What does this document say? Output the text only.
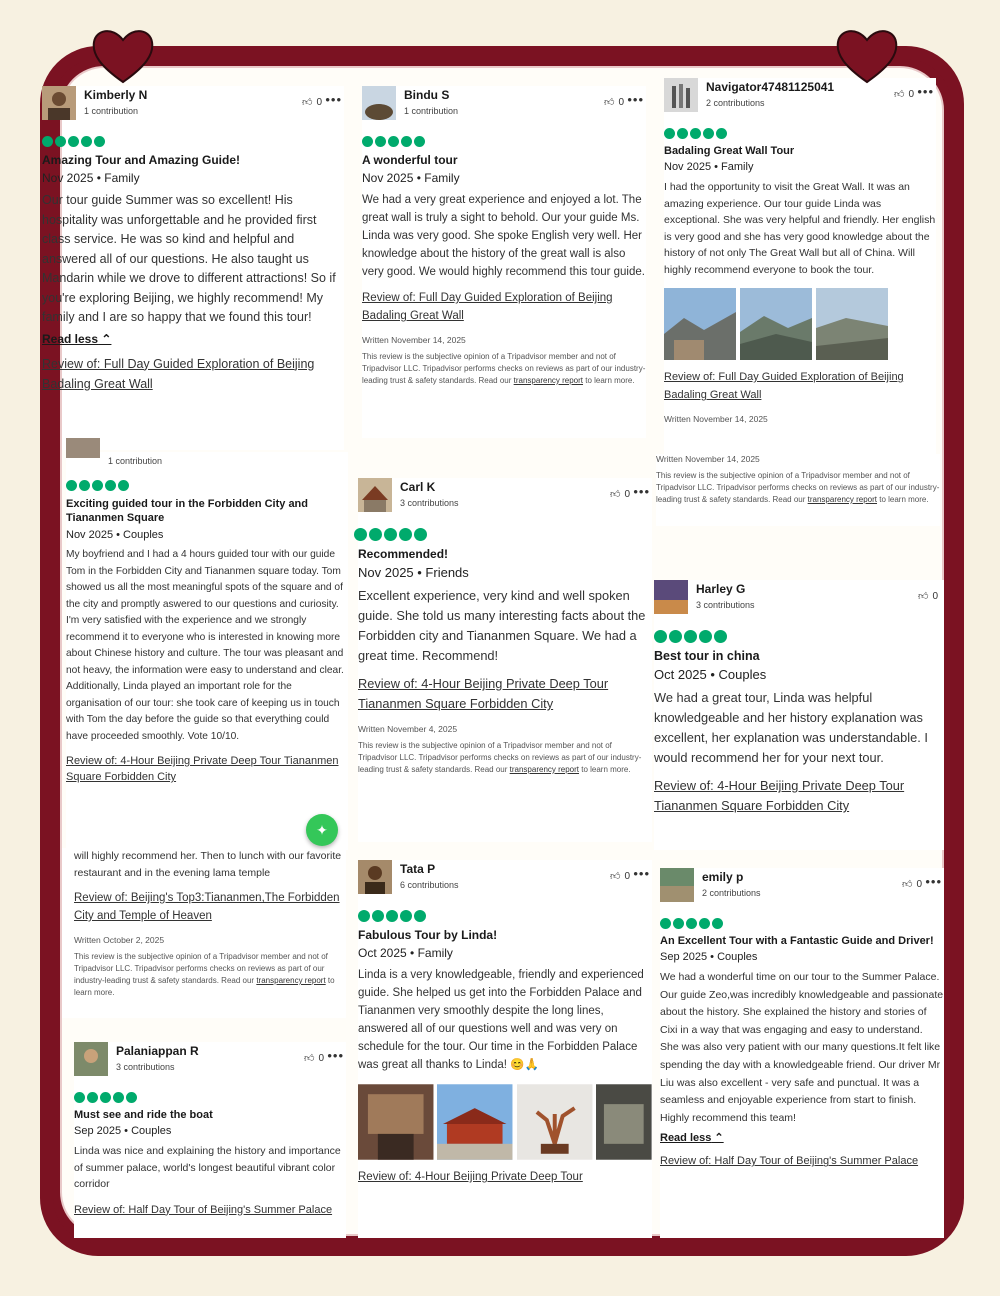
Kimberly N
1 contribution
👍︎ 0 •••
Amazing Tour and Amazing Guide!
Nov 2025 • Family
Our tour guide Summer was so excellent! His hospitality was unforgettable and he provided first class service. He was so kind and helpful and answered all of our questions. He also taught us Mandarin while we drove to different attractions! So if you're exploring Beijing, we highly recommend! My family and I are so happy that we found this tour!
Read less ⌃
Review of: Full Day Guided Exploration of Beijing Badaling Great Wall
Bindu S
1 contribution
👍︎ 0 •••
A wonderful tour
Nov 2025 • Family
We had a very great experience and enjoyed a lot. The great wall is truly a sight to behold. Our your guide Ms. Linda was very good. She spoke English very well. Her knowledge about the history of the great wall is also very good. We would highly recommend this tour guide.
Review of: Full Day Guided Exploration of Beijing Badaling Great Wall
Written November 14, 2025
This review is the subjective opinion of a Tripadvisor member and not of Tripadvisor LLC. Tripadvisor performs checks on reviews as part of our industry-leading trust & safety standards. Read our transparency report to learn more.
Navigator47481125041
2 contributions
👍︎ 0 •••
Badaling Great Wall Tour
Nov 2025 • Family
I had the opportunity to visit the Great Wall. It was an amazing experience. Our tour guide Linda was exceptional. She was very helpful and friendly. Her english is very good and she has very good knowledge about the history of not only The Great Wall but all of China. Will highly recommend everyone to book the tour.
Review of: Full Day Guided Exploration of Beijing Badaling Great Wall
Written November 14, 2025
1 contribution
Exciting guided tour in the Forbidden City and Tiananmen Square
Nov 2025 • Couples
My boyfriend and I had a 4 hours guided tour with our guide Tom in the Forbidden City and Tiananmen square today. Tom showed us all the most meaningful spots of the square and of the city and promptly aswered to our questions and curiosity. I'm very satisfied with the experience and we strongly recommend it to everyone who is interested in knowing more about Chinese history and culture. The tour was pleasant and not heavy, the information were easy to understand and clear. Additionally, Linda played an important role for the organisation of our tour: she took care of keeping us in touch with Tom the day before the guide so that everything could have proceeded smoothly. Vote 10/10.
Review of: 4-Hour Beijing Private Deep Tour Tiananmen Square Forbidden City
will highly recommend her. Then to lunch with our favorite restaurant and in the evening lama temple
Review of: Beijing's Top3:Tiananmen,The Forbidden City and Temple of Heaven
Written October 2, 2025
This review is the subjective opinion of a Tripadvisor member and not of Tripadvisor LLC. Tripadvisor performs checks on reviews as part of our industry-leading trust & safety standards. Read our transparency report to learn more.
Carl K
3 contributions
👍︎ 0 •••
Recommended!
Nov 2025 • Friends
Excellent experience, very kind and well spoken guide. She told us many interesting facts about the Forbidden city and Tiananmen Square. We had a great time. Recommend!
Review of: 4-Hour Beijing Private Deep Tour Tiananmen Square Forbidden City
Written November 4, 2025
This review is the subjective opinion of a Tripadvisor member and not of Tripadvisor LLC. Tripadvisor performs checks on reviews as part of our industry-leading trust & safety standards. Read our transparency report to learn more.
Written November 14, 2025
This review is the subjective opinion of a Tripadvisor member and not of Tripadvisor LLC. Tripadvisor performs checks on reviews as part of our industry-leading trust & safety standards. Read our transparency report to learn more.
Harley G
3 contributions
👍︎ 0
Best tour in china
Oct 2025 • Couples
We had a great tour, Linda was helpful knowledgeable and her history explanation was excellent, her explanation was understandable. I would recommend her for your next tour.
Review of: 4-Hour Beijing Private Deep Tour Tiananmen Square Forbidden City
Palaniappan R
3 contributions
👍︎ 0 •••
Must see and ride the boat
Sep 2025 • Couples
Linda was nice and explaining the history and importance of summer palace, world's longest beautiful vibrant color corridor
Review of: Half Day Tour of Beijing's Summer Palace
Tata P
6 contributions
👍︎ 0 •••
Fabulous Tour by Linda!
Oct 2025 • Family
Linda is a very knowledgeable, friendly and experienced guide. She helped us get into the Forbidden Palace and Tiananmen very smoothly despite the long lines, answered all of our questions well and was very on schedule for the tour. Our time in the Forbidden Palace was great all thanks to Linda! 😊🙏
Review of: 4-Hour Beijing Private Deep Tour
emily p
2 contributions
👍︎ 0 •••
An Excellent Tour with a Fantastic Guide and Driver!
Sep 2025 • Couples
We had a wonderful time on our tour to the Summer Palace. Our guide Zeo,was incredibly knowledgeable and passionate about the history. She explained the history and stories of Cixi in a way that was engaging and easy to understand. She was also very patient with our many questions.It felt like spending the day with a knowledgeable friend. Our driver Mr Liu was also excellent - very safe and punctual. It was a seamless and enjoyable experience from start to finish. Highly recommend this team!
Read less ⌃
Review of: Half Day Tour of Beijing's Summer Palace
✦
